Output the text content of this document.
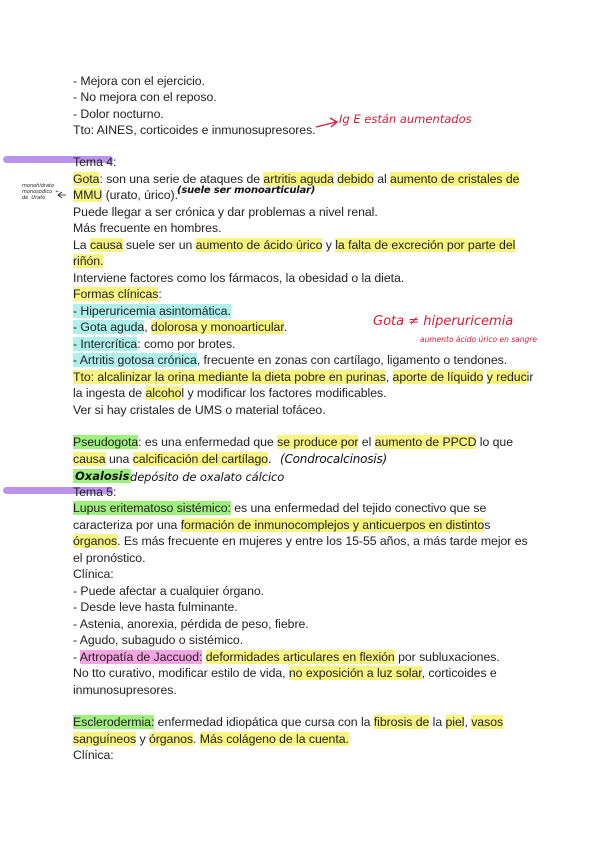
- Mejora con el ejercicio.
- No mejora con el reposo.
- Dolor nocturno.
Tto: AINES, corticoides e inmunosupresores.
Tema 4:
Gota: son una serie de ataques de artritis aguda debido al aumento de cristales de
MMU (urato, úrico).
Puede llegar a ser crónica y dar problemas a nivel renal.
Más frecuente en hombres.
La causa suele ser un aumento de ácido úrico y la falta de excreción por parte del
riñón.
Interviene factores como los fármacos, la obesidad o la dieta.
Formas clínicas:
- Hiperuricemia asintomática.
- Gota aguda, dolorosa y monoarticular.
- Intercrítica: como por brotes.
- Artritis gotosa crónica, frecuente en zonas con cartílago, ligamento o tendones.
Tto: alcalinizar la orina mediante la dieta pobre en purinas, aporte de líquido y reducir
la ingesta de alcohol y modificar los factores modificables.
Ver si hay cristales de UMS o material tofáceo.
Pseudogota: es una enfermedad que se produce por el aumento de PPCD lo que
causa una calcificación del cartílago.
Tema 5:
Lupus eritematoso sistémico: es una enfermedad del tejido conectivo que se
caracteriza por una formación de inmunocomplejos y anticuerpos en distintos
órganos. Es más frecuente en mujeres y entre los 15-55 años, a más tarde mejor es
el pronóstico.
Clínica:
- Puede afectar a cualquier órgano.
- Desde leve hasta fulminante.
- Astenia, anorexia, pérdida de peso, fiebre.
- Agudo, subagudo o sistémico.
- Artropatía de Jaccuod: deformidades articulares en flexión por subluxaciones.
No tto curativo, modificar estilo de vida, no exposición a luz solar, corticoides e
inmunosupresores.
Esclerodermia: enfermedad idiopática que cursa con la fibrosis de la piel, vasos
sanguíneos y órganos. Más colágeno de la cuenta.
Clínica:
Ig E están aumentados
Gota ≠ hiperuricemia
aumento ácido úrico en sangre
(suele ser monoarticular)
(Condrocalcinosis)
Oxalosis depósito de oxalato cálcico
monohidrato
monosódico  ←
de  Urato
